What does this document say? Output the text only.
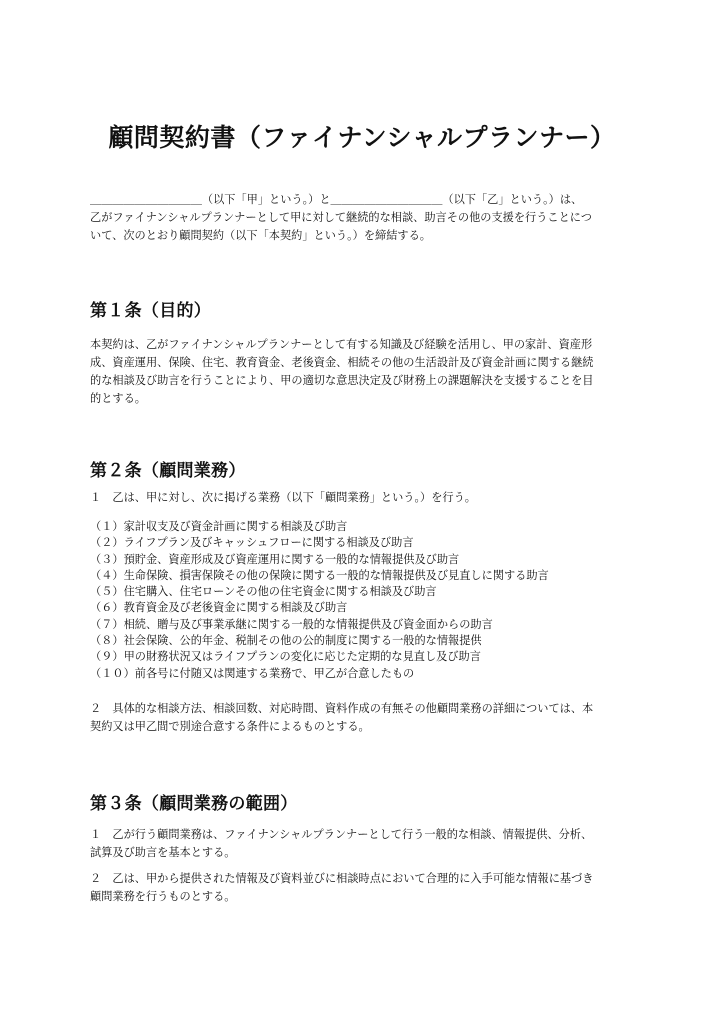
顧問契約書（ファイナンシャルプランナー）
＿＿＿＿＿＿＿＿＿＿（以下「甲」という。）と＿＿＿＿＿＿＿＿＿＿（以下「乙」という。）は、
乙がファイナンシャルプランナーとして甲に対して継続的な相談、助言その他の支援を行うことにつ
いて、次のとおり顧問契約（以下「本契約」という。）を締結する。
第１条（目的）
本契約は、乙がファイナンシャルプランナーとして有する知識及び経験を活用し、甲の家計、資産形
成、資産運用、保険、住宅、教育資金、老後資金、相続その他の生活設計及び資金計画に関する継続
的な相談及び助言を行うことにより、甲の適切な意思決定及び財務上の課題解決を支援することを目
的とする。
第２条（顧問業務）
１　乙は、甲に対し、次に掲げる業務（以下「顧問業務」という。）を行う。
（１）家計収支及び資金計画に関する相談及び助言
（２）ライフプラン及びキャッシュフローに関する相談及び助言
（３）預貯金、資産形成及び資産運用に関する一般的な情報提供及び助言
（４）生命保険、損害保険その他の保険に関する一般的な情報提供及び見直しに関する助言
（５）住宅購入、住宅ローンその他の住宅資金に関する相談及び助言
（６）教育資金及び老後資金に関する相談及び助言
（７）相続、贈与及び事業承継に関する一般的な情報提供及び資金面からの助言
（８）社会保険、公的年金、税制その他の公的制度に関する一般的な情報提供
（９）甲の財務状況又はライフプランの変化に応じた定期的な見直し及び助言
（１０）前各号に付随又は関連する業務で、甲乙が合意したもの
２　具体的な相談方法、相談回数、対応時間、資料作成の有無その他顧問業務の詳細については、本
契約又は甲乙間で別途合意する条件によるものとする。
第３条（顧問業務の範囲）
１　乙が行う顧問業務は、ファイナンシャルプランナーとして行う一般的な相談、情報提供、分析、
試算及び助言を基本とする。
２　乙は、甲から提供された情報及び資料並びに相談時点において合理的に入手可能な情報に基づき
顧問業務を行うものとする。
